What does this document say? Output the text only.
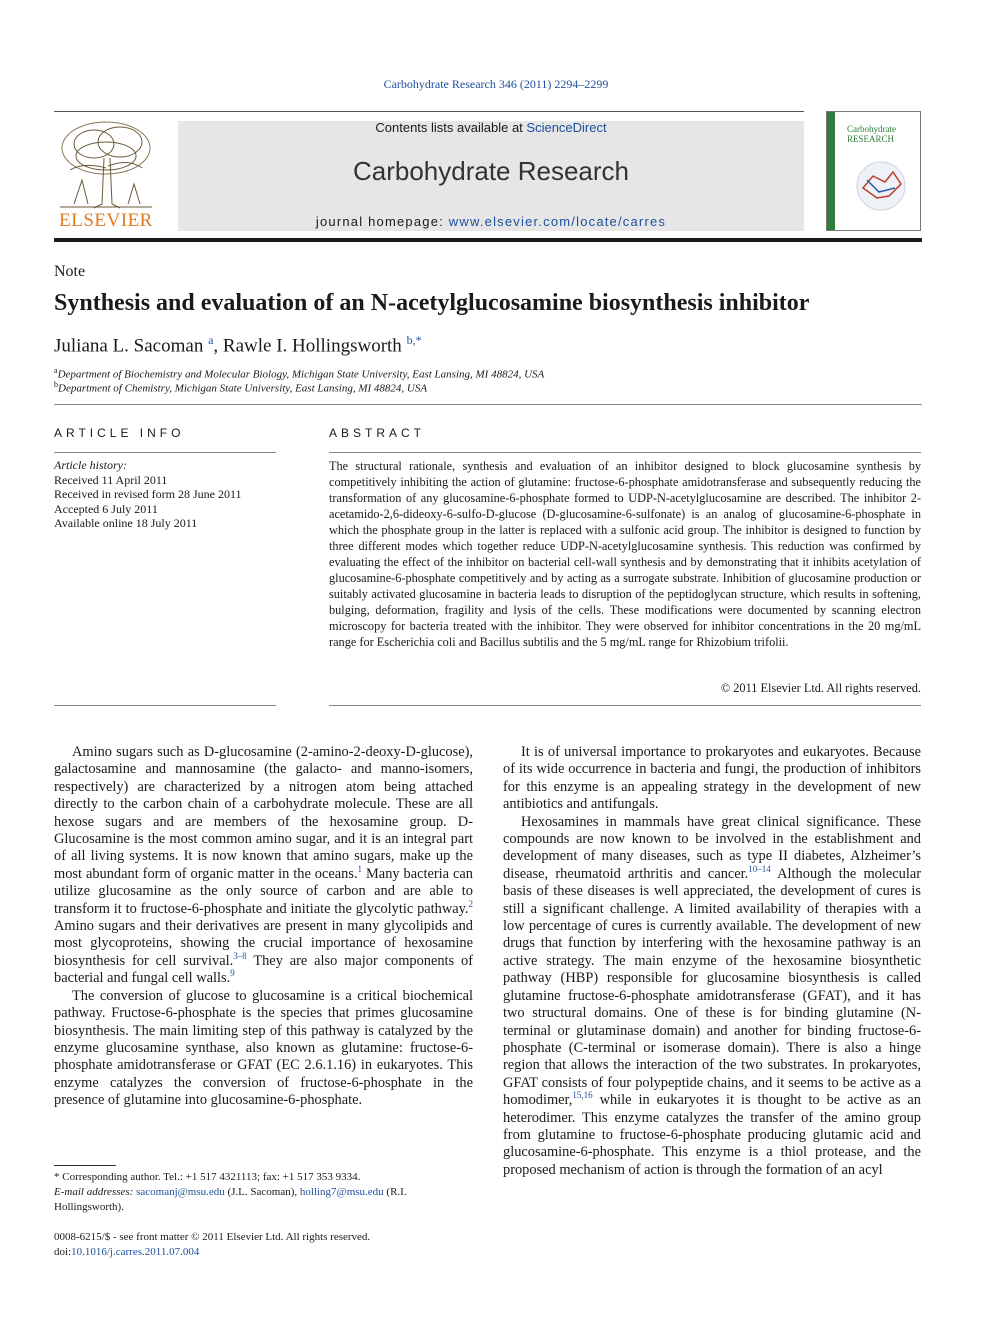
Carbohydrate Research 346 (2011) 2294–2299
ELSEVIER
Contents lists available at ScienceDirect
Carbohydrate Research
journal homepage: www.elsevier.com/locate/carres
Carbohydrate
RESEARCH
Note
Synthesis and evaluation of an N-acetylglucosamine biosynthesis inhibitor
Juliana L. Sacoman $^a$, Rawle I. Hollingsworth $^{b,*}$
$^a$Department of Biochemistry and Molecular Biology, Michigan State University, East Lansing, MI 48824, USA
$^b$Department of Chemistry, Michigan State University, East Lansing, MI 48824, USA
ARTICLE INFO
Article history:
Received 11 April 2011
Received in revised form 28 June 2011
Accepted 6 July 2011
Available online 18 July 2011
ABSTRACT
The structural rationale, synthesis and evaluation of an inhibitor designed to block glucosamine synthesis by competitively inhibiting the action of glutamine: fructose-6-phosphate amidotransferase and subsequently reducing the transformation of any glucosamine-6-phosphate formed to UDP-N-acetylglucosamine are described. The inhibitor 2-acetamido-2,6-dideoxy-6-sulfo-D-glucose (D-glucosamine-6-sulfonate) is an analog of glucosamine-6-phosphate in which the phosphate group in the latter is replaced with a sulfonic acid group. The inhibitor is designed to function by three different modes which together reduce UDP-N-acetylglucosamine synthesis. This reduction was confirmed by evaluating the effect of the inhibitor on bacterial cell-wall synthesis and by demonstrating that it inhibits acetylation of glucosamine-6-phosphate competitively and by acting as a surrogate substrate. Inhibition of glucosamine production or suitably activated glucosamine in bacteria leads to disruption of the peptidoglycan structure, which results in softening, bulging, deformation, fragility and lysis of the cells. These modifications were documented by scanning electron microscopy for bacteria treated with the inhibitor. They were observed for inhibitor concentrations in the 20 mg/mL range for Escherichia coli and Bacillus subtilis and the 5 mg/mL range for Rhizobium trifolii.
© 2011 Elsevier Ltd. All rights reserved.

Amino sugars such as D-glucosamine (2-amino-2-deoxy-D-glucose), galactosamine and mannosamine (the galacto- and manno-isomers, respectively) are characterized by a nitrogen atom being attached directly to the carbon chain of a carbohydrate molecule. These are all hexose sugars and are members of the hexosamine group. D-Glucosamine is the most common amino sugar, and it is an integral part of all living systems. It is now known that amino sugars, make up the most abundant form of organic matter in the oceans.$^1$ Many bacteria can utilize glucosamine as the only source of carbon and are able to transform it to fructose-6-phosphate and initiate the glycolytic pathway.$^2$ Amino sugars and their derivatives are present in many glycolipids and most glycoproteins, showing the crucial importance of hexosamine biosynthesis for cell survival.$^{3-8}$ They are also major components of bacterial and fungal cell walls.$^9$

The conversion of glucose to glucosamine is a critical biochemical pathway. Fructose-6-phosphate is the species that primes glucosamine biosynthesis. The main limiting step of this pathway is catalyzed by the enzyme glucosamine synthase, also known as glutamine: fructose-6-phosphate amidotransferase or GFAT (EC 2.6.1.16) in eukaryotes. This enzyme catalyzes the conversion of fructose-6-phosphate in the presence of glutamine into glucosamine-6-phosphate.

It is of universal importance to prokaryotes and eukaryotes. Because of its wide occurrence in bacteria and fungi, the production of inhibitors for this enzyme is an appealing strategy in the development of new antibiotics and antifungals.

Hexosamines in mammals have great clinical significance. These compounds are now known to be involved in the establishment and development of many diseases, such as type II diabetes, Alzheimer’s disease, rheumatoid arthritis and cancer.$^{10-14}$ Although the molecular basis of these diseases is well appreciated, the development of cures is still a significant challenge. A limited availability of therapies with a low percentage of cures is currently available. The development of new drugs that function by interfering with the hexosamine pathway is an active strategy. The main enzyme of the hexosamine biosynthetic pathway (HBP) responsible for glucosamine biosynthesis is called glutamine fructose-6-phosphate amidotransferase (GFAT), and it has two structural domains. One of these is for binding glutamine (N-terminal or glutaminase domain) and another for binding fructose-6-phosphate (C-terminal or isomerase domain). There is also a hinge region that allows the interaction of the two substrates. In prokaryotes, GFAT consists of four polypeptide chains, and it seems to be active as a homodimer,$^{15,16}$ while in eukaryotes it is thought to be active as an heterodimer. This enzyme catalyzes the transfer of the amino group from glutamine to fructose-6-phosphate producing glutamic acid and glucosamine-6-phosphate. This enzyme is a thiol protease, and the proposed mechanism of action is through the formation of an acyl

* Corresponding author. Tel.: +1 517 4321113; fax: +1 517 353 9334.
E-mail addresses: sacomanj@msu.edu (J.L. Sacoman), holling7@msu.edu (R.I. Hollingsworth).
0008-6215/$ - see front matter © 2011 Elsevier Ltd. All rights reserved.
doi:10.1016/j.carres.2011.07.004
